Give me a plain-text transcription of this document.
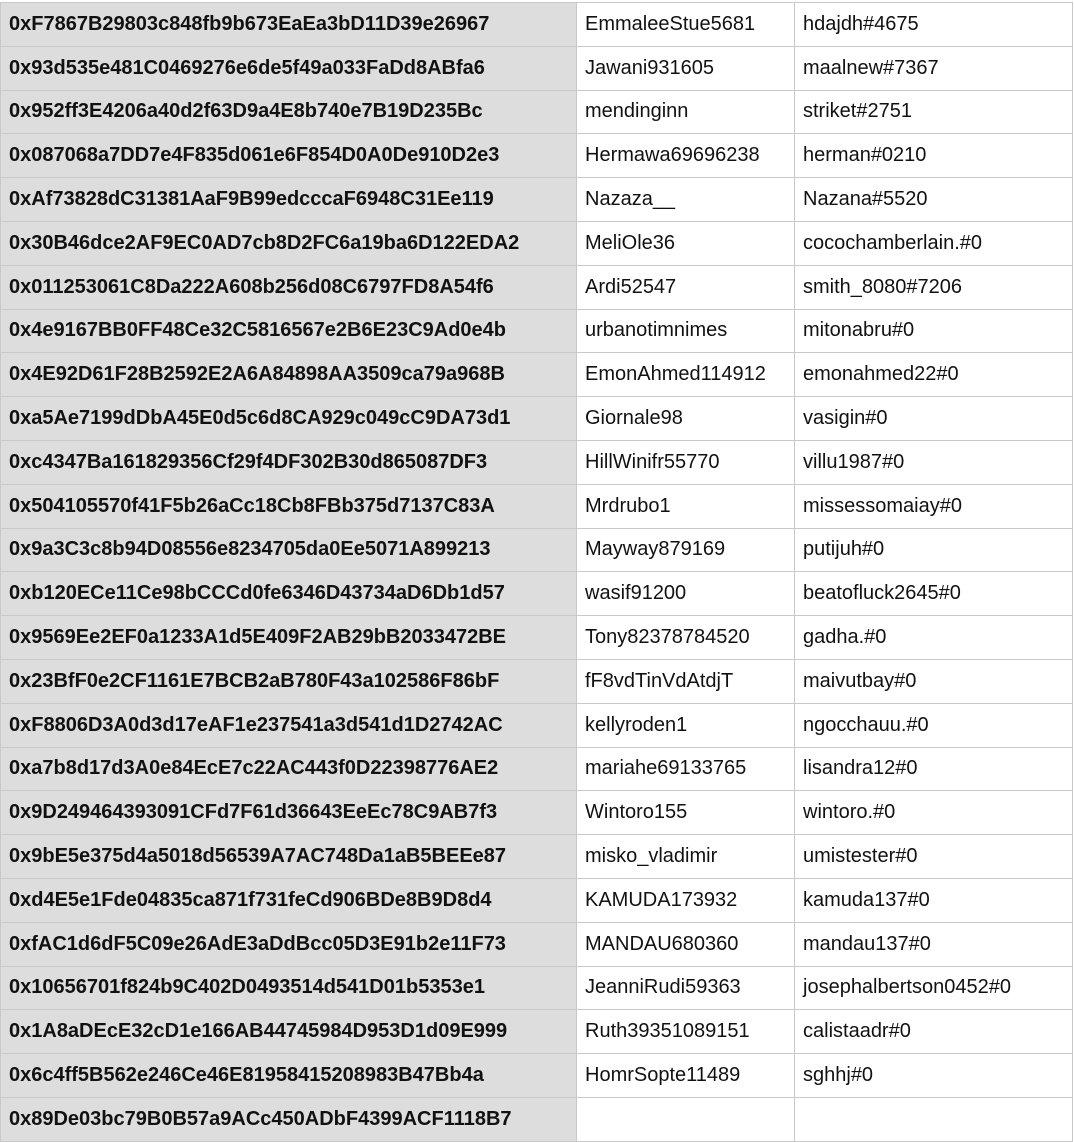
0xF7867B29803c848fb9b673EaEa3bD11D39e26967	EmmaleeStue5681	hdajdh#4675
0x93d535e481C0469276e6de5f49a033FaDd8ABfa6	Jawani931605	maalnew#7367
0x952ff3E4206a40d2f63D9a4E8b740e7B19D235Bc	mendinginn	striket#2751
0x087068a7DD7e4F835d061e6F854D0A0De910D2e3	Hermawa69696238	herman#0210
0xAf73828dC31381AaF9B99edcccaF6948C31Ee119	Nazaza__	Nazana#5520
0x30B46dce2AF9EC0AD7cb8D2FC6a19ba6D122EDA2	MeliOle36	cocochamberlain.#0
0x011253061C8Da222A608b256d08C6797FD8A54f6	Ardi52547	smith_8080#7206
0x4e9167BB0FF48Ce32C5816567e2B6E23C9Ad0e4b	urbanotimnimes	mitonabru#0
0x4E92D61F28B2592E2A6A84898AA3509ca79a968B	EmonAhmed114912	emonahmed22#0
0xa5Ae7199dDbA45E0d5c6d8CA929c049cC9DA73d1	Giornale98	vasigin#0
0xc4347Ba161829356Cf29f4DF302B30d865087DF3	HillWinifr55770	villu1987#0
0x504105570f41F5b26aCc18Cb8FBb375d7137C83A	Mrdrubo1	missessomaiay#0
0x9a3C3c8b94D08556e8234705da0Ee5071A899213	Mayway879169	putijuh#0
0xb120ECe11Ce98bCCCd0fe6346D43734aD6Db1d57	wasif91200	beatofluck2645#0
0x9569Ee2EF0a1233A1d5E409F2AB29bB2033472BE	Tony82378784520	gadha.#0
0x23BfF0e2CF1161E7BCB2aB780F43a102586F86bF	fF8vdTinVdAtdjT	maivutbay#0
0xF8806D3A0d3d17eAF1e237541a3d541d1D2742AC	kellyroden1	ngocchauu.#0
0xa7b8d17d3A0e84EcE7c22AC443f0D22398776AE2	mariahe69133765	lisandra12#0
0x9D249464393091CFd7F61d36643EeEc78C9AB7f3	Wintoro155	wintoro.#0
0x9bE5e375d4a5018d56539A7AC748Da1aB5BEEe87	misko_vladimir	umistester#0
0xd4E5e1Fde04835ca871f731feCd906BDe8B9D8d4	KAMUDA173932	kamuda137#0
0xfAC1d6dF5C09e26AdE3aDdBcc05D3E91b2e11F73	MANDAU680360	mandau137#0
0x10656701f824b9C402D0493514d541D01b5353e1	JeanniRudi59363	josephalbertson0452#0
0x1A8aDEcE32cD1e166AB44745984D953D1d09E999	Ruth39351089151	calistaadr#0
0x6c4ff5B562e246Ce46E81958415208983B47Bb4a	HomrSopte11489	sghhj#0
0x89De03bc79B0B57a9ACc450ADbF4399ACF1118B7		
